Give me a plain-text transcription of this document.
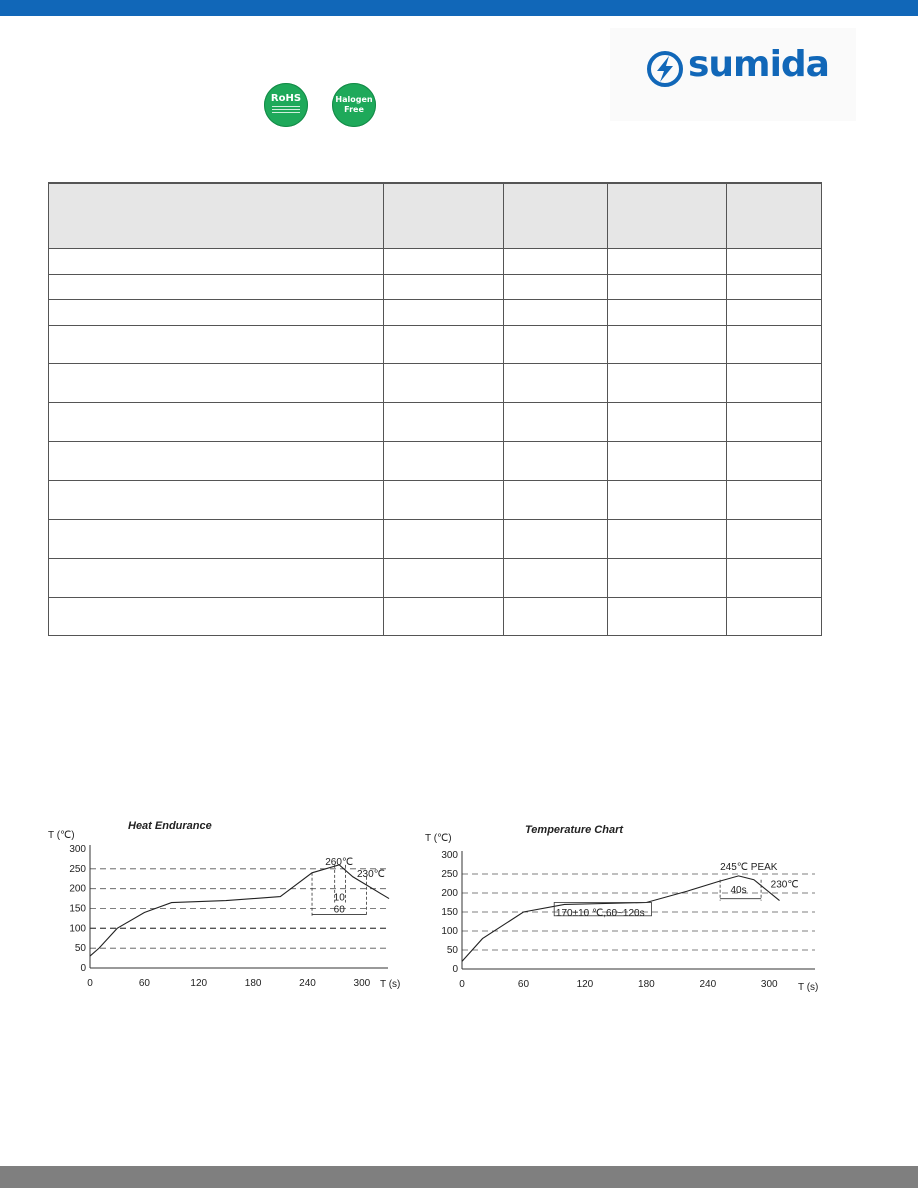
sumida
RoHS	Halogen
Free

Heat Endurance
T (℃)
T (s)
0
50
100
150
200
250
300
0	60	120	180	240	300
260℃
230℃
10
60
Temperature Chart
T (℃)
T (s)
0
50
100
150
200
250
300
0	60	120	180	240	300
245℃ PEAK
230℃
40s
170±10 ℃,60~120s
